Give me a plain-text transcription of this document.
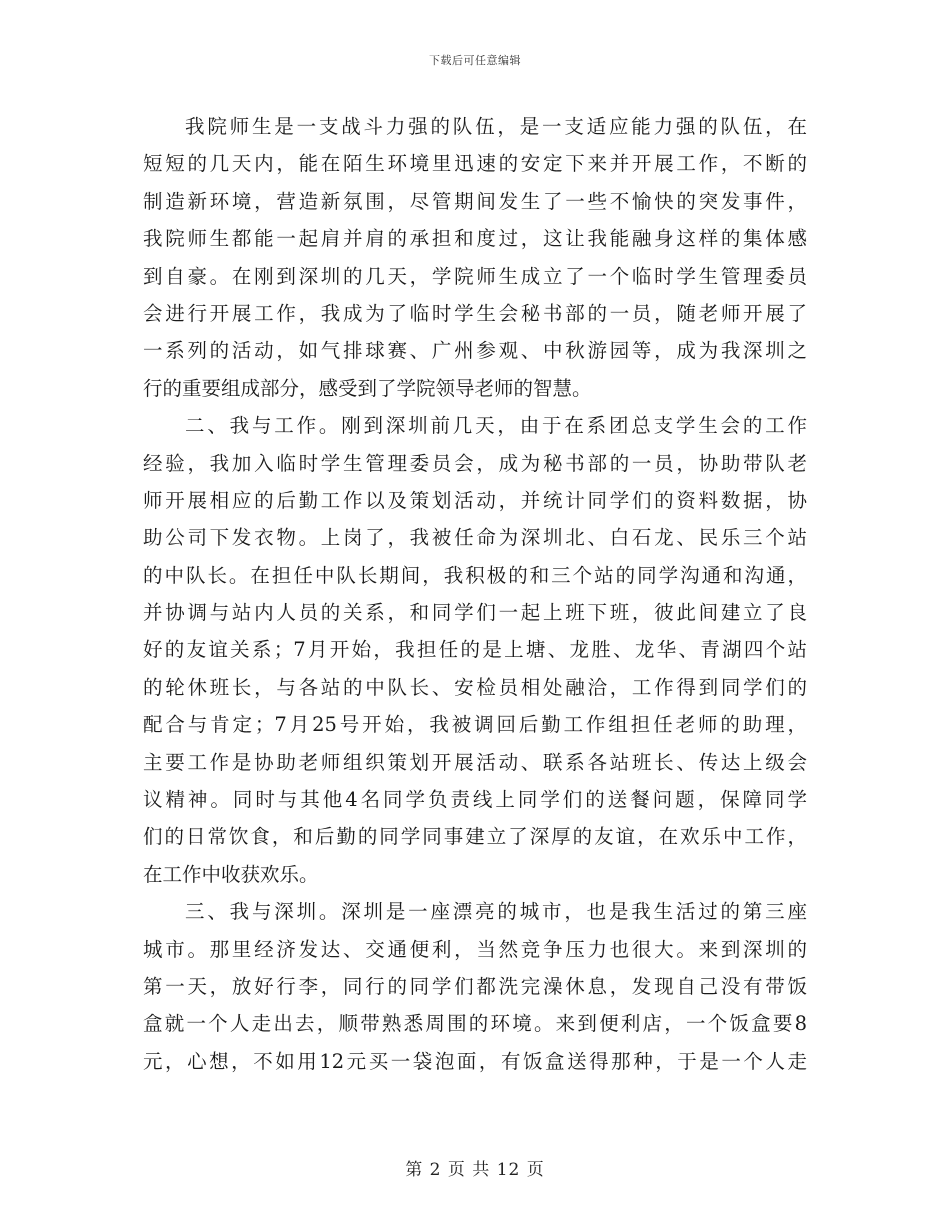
下载后可任意编辑

我院师生是一支战斗力强的队伍，是一支适应能力强的队伍，在
短短的几天内，能在陌生环境里迅速的安定下来并开展工作，不断的
制造新环境，营造新氛围，尽管期间发生了一些不愉快的突发事件，
我院师生都能一起肩并肩的承担和度过，这让我能融身这样的集体感
到自豪。在刚到深圳的几天，学院师生成立了一个临时学生管理委员
会进行开展工作，我成为了临时学生会秘书部的一员，随老师开展了
一系列的活动，如气排球赛、广州参观、中秋游园等，成为我深圳之
行的重要组成部分，感受到了学院领导老师的智慧。

二、我与工作。刚到深圳前几天，由于在系团总支学生会的工作
经验，我加入临时学生管理委员会，成为秘书部的一员，协助带队老
师开展相应的后勤工作以及策划活动，并统计同学们的资料数据，协
助公司下发衣物。上岗了，我被任命为深圳北、白石龙、民乐三个站
的中队长。在担任中队长期间，我积极的和三个站的同学沟通和沟通，
并协调与站内人员的关系，和同学们一起上班下班，彼此间建立了良
好的友谊关系；7月开始，我担任的是上塘、龙胜、龙华、青湖四个站
的轮休班长，与各站的中队长、安检员相处融洽，工作得到同学们的
配合与肯定；7月25号开始，我被调回后勤工作组担任老师的助理，
主要工作是协助老师组织策划开展活动、联系各站班长、传达上级会
议精神。同时与其他4名同学负责线上同学们的送餐问题，保障同学
们的日常饮食，和后勤的同学同事建立了深厚的友谊，在欢乐中工作，
在工作中收获欢乐。

三、我与深圳。深圳是一座漂亮的城市，也是我生活过的第三座
城市。那里经济发达、交通便利，当然竞争压力也很大。来到深圳的
第一天，放好行李，同行的同学们都洗完澡休息，发现自己没有带饭
盒就一个人走出去，顺带熟悉周围的环境。来到便利店，一个饭盒要8
元，心想，不如用12元买一袋泡面，有饭盒送得那种，于是一个人走

第 2 页 共 12 页
